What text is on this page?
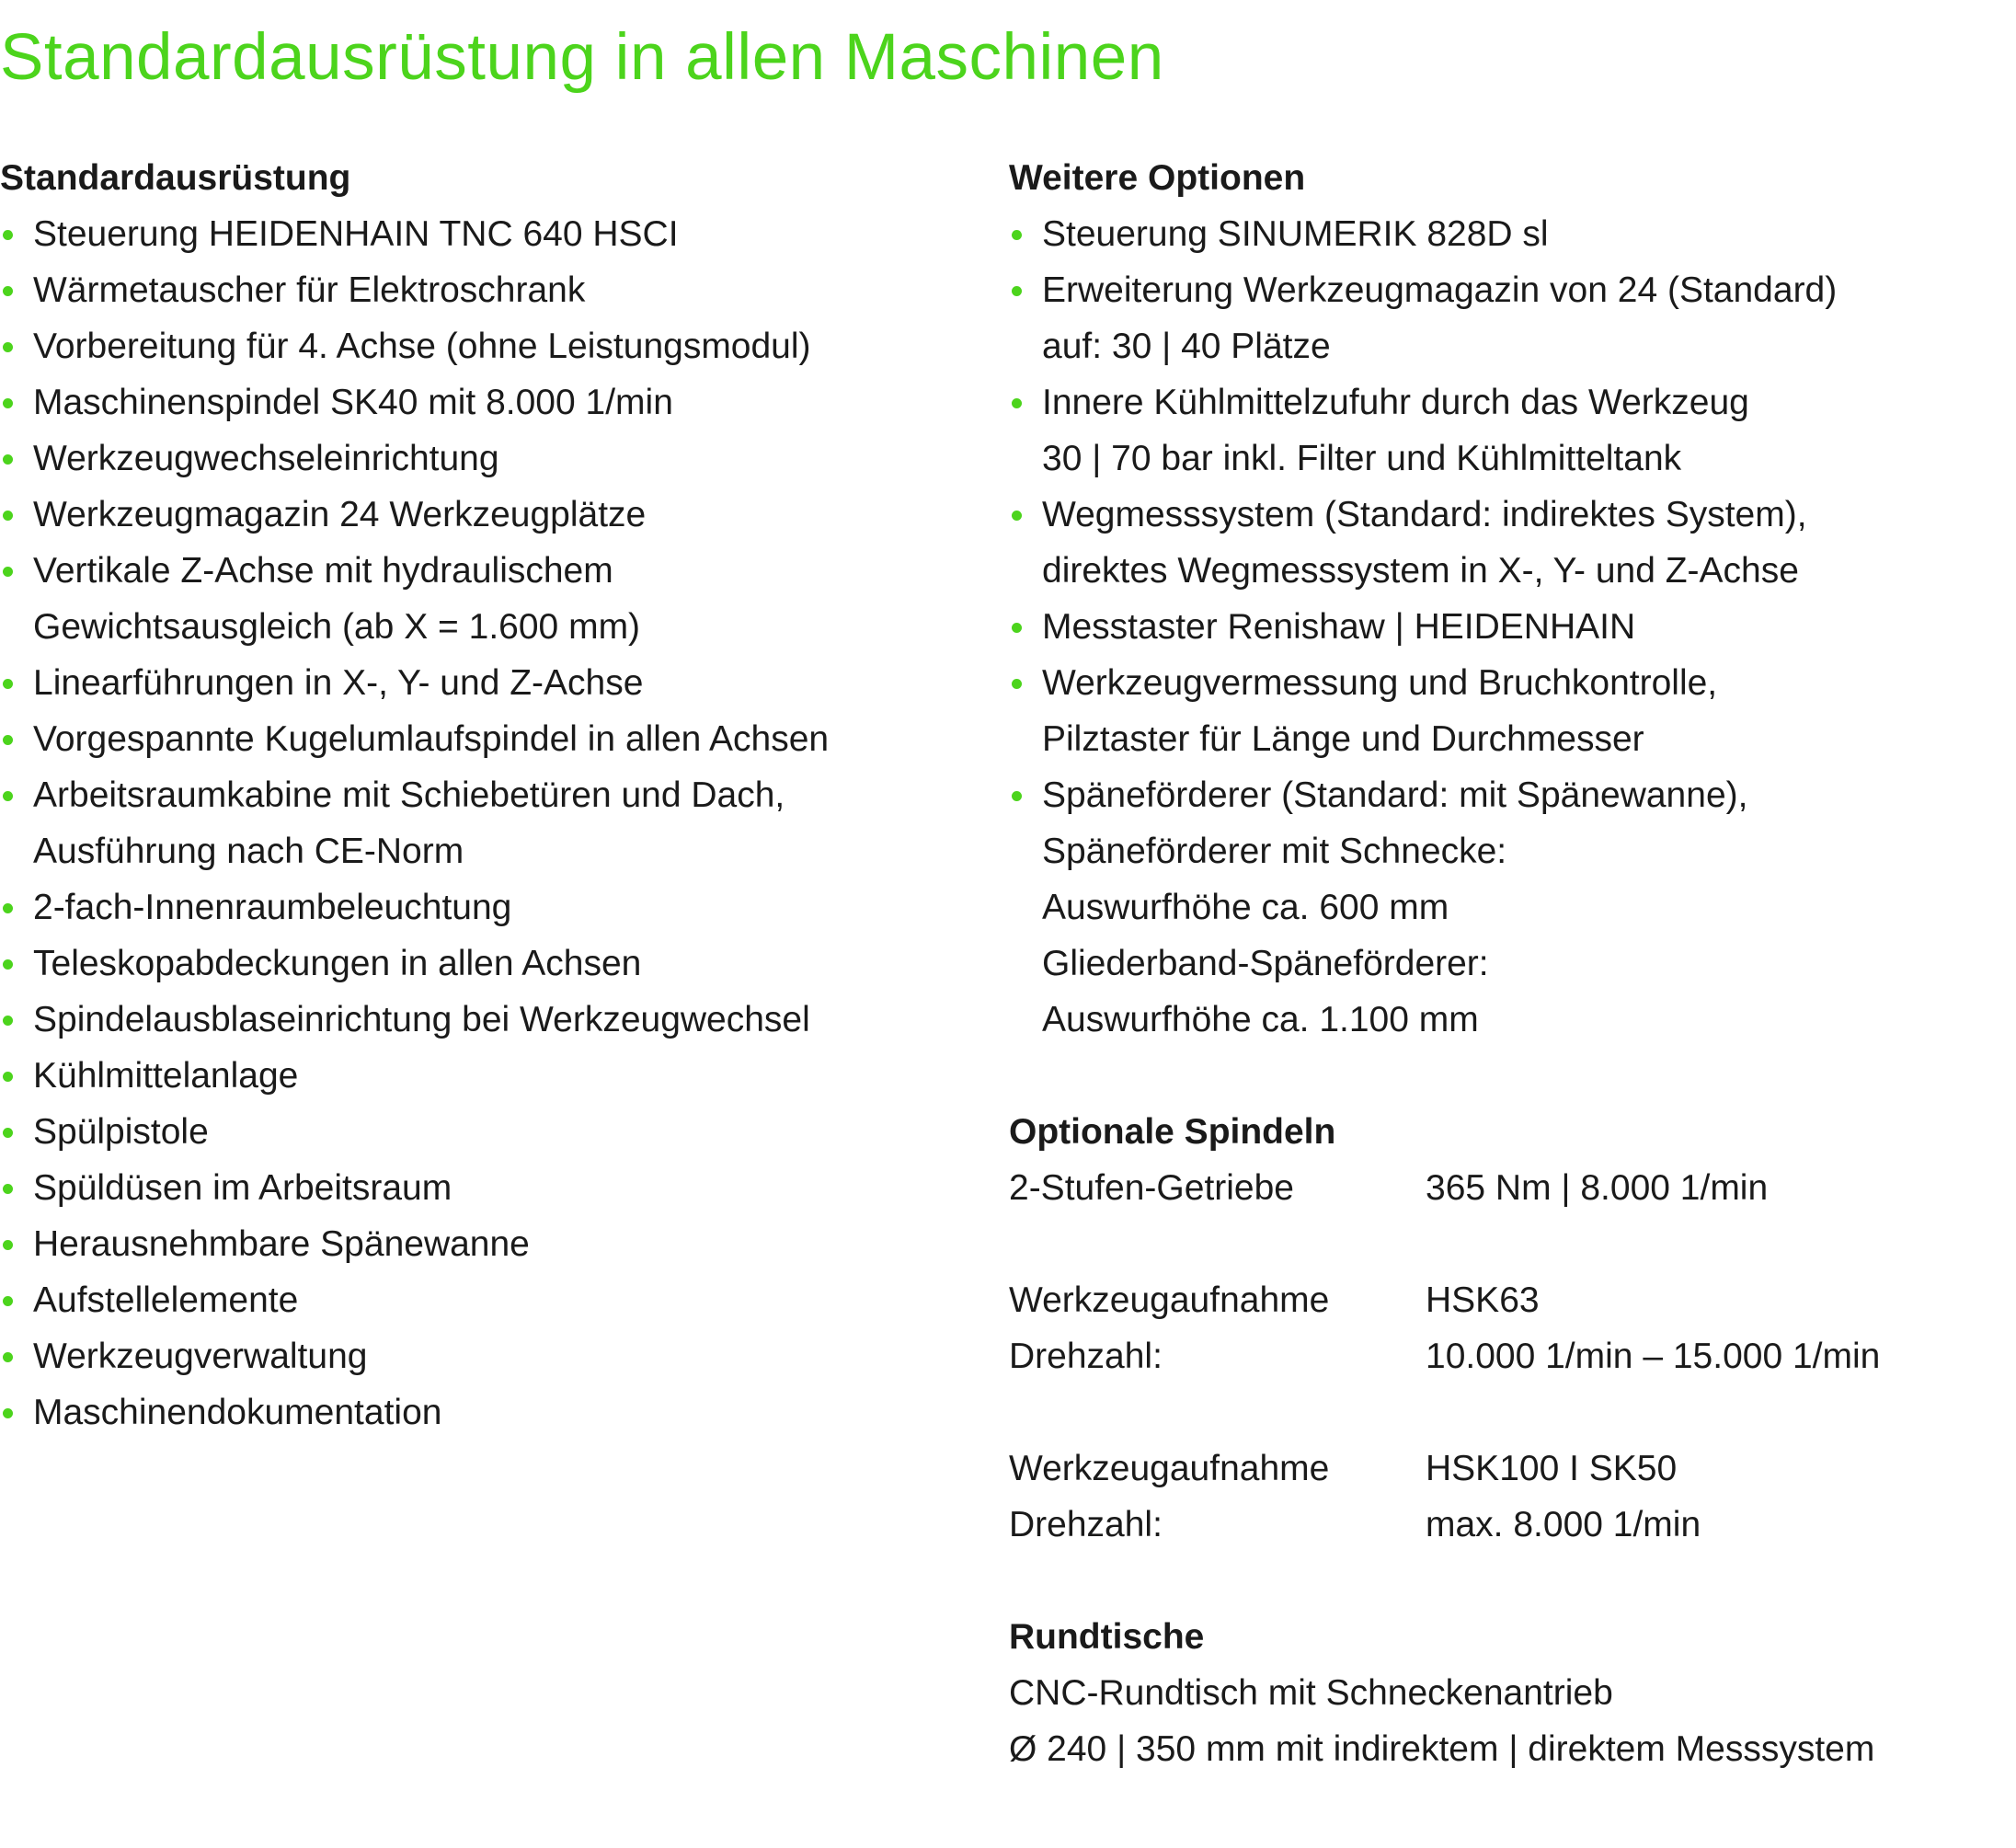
Standardausrüstung in allen Maschinen
Standardausrüstung
Steuerung HEIDENHAIN TNC 640 HSCI
Wärmetauscher für Elektroschrank
Vorbereitung für 4. Achse (ohne Leistungsmodul)
Maschinenspindel SK40 mit 8.000 1/min
Werkzeugwechseleinrichtung
Werkzeugmagazin 24 Werkzeugplätze
Vertikale Z-Achse mit hydraulischem
Gewichtsausgleich (ab X = 1.600 mm)
Linearführungen in X-, Y- und Z-Achse
Vorgespannte Kugelumlaufspindel in allen Achsen
Arbeitsraumkabine mit Schiebetüren und Dach,
Ausführung nach CE-Norm
2-fach-Innenraumbeleuchtung
Teleskopabdeckungen in allen Achsen
Spindelausblaseinrichtung bei Werkzeugwechsel
Kühlmittelanlage
Spülpistole
Spüldüsen im Arbeitsraum
Herausnehmbare Spänewanne
Aufstellelemente
Werkzeugverwaltung
Maschinendokumentation
Weitere Optionen
Steuerung SINUMERIK 828D sl
Erweiterung Werkzeugmagazin von 24 (Standard)
auf: 30 | 40 Plätze
Innere Kühlmittelzufuhr durch das Werkzeug
30 | 70 bar inkl. Filter und Kühlmitteltank
Wegmesssystem (Standard: indirektes System),
direktes Wegmesssystem in X-, Y- und Z-Achse
Messtaster Renishaw | HEIDENHAIN
Werkzeugvermessung und Bruchkontrolle,
Pilztaster für Länge und Durchmesser
Späneförderer (Standard: mit Spänewanne),
Späneförderer mit Schnecke:
Auswurfhöhe ca. 600 mm
Gliederband-Späneförderer:
Auswurfhöhe ca. 1.100 mm
Optionale Spindeln
2-Stufen-Getriebe	365 Nm | 8.000 1/min

Werkzeugaufnahme	HSK63
Drehzahl:	10.000 1/min – 15.000 1/min

Werkzeugaufnahme	HSK100 I SK50
Drehzahl:	max. 8.000 1/min
Rundtische
CNC-Rundtisch mit Schneckenantrieb
Ø 240 | 350 mm mit indirektem | direktem Messsystem
